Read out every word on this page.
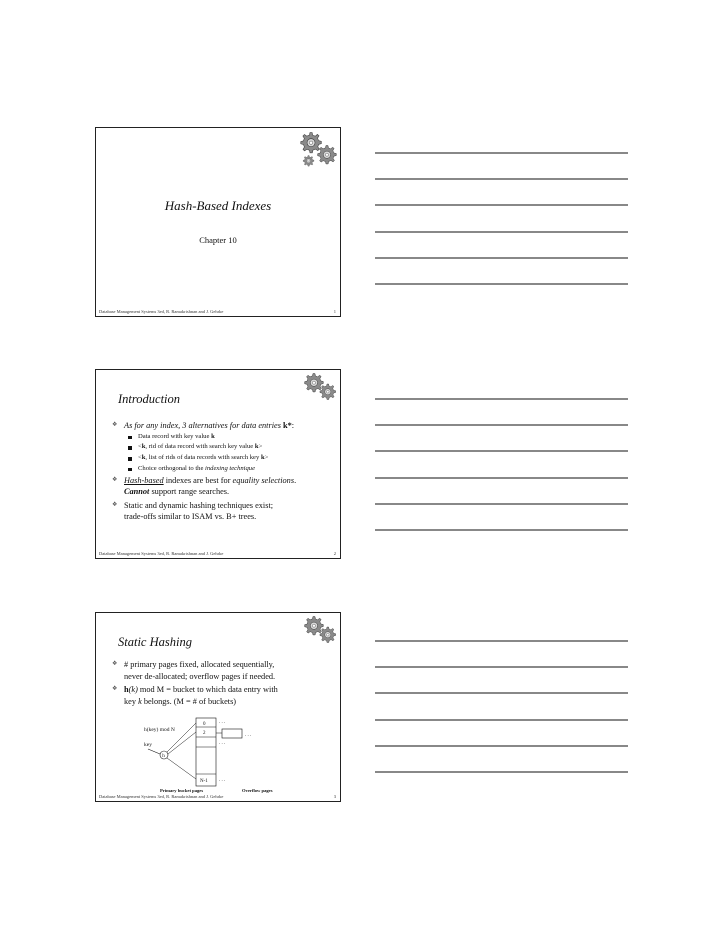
Hash-Based Indexes
Chapter 10
Database Management Systems 3ed, R. Ramakrishnan and J. Gehrke	1
Introduction
❖ As for any index, 3 alternatives for data entries k*:
Data record with key value k
<k, rid of data record with search key value k>
<k, list of rids of data records with search key k>
Choice orthogonal to the indexing technique
❖ Hash-based indexes are best for equality selections.
Cannot support range searches.
❖ Static and dynamic hashing techniques exist;
trade-offs similar to ISAM vs. B+ trees.
Database Management Systems 3ed, R. Ramakrishnan and J. Gehrke	2
Static Hashing
❖ # primary pages fixed, allocated sequentially,
never de-allocated; overflow pages if needed.
❖ h(k) mod M = bucket to which data entry with
key k belongs. (M = # of buckets)
h(key) mod N
key
h
0
2
N-1
. . .
. . .
. . .
. . .
Primary bucket pages	Overflow pages
Database Management Systems 3ed, R. Ramakrishnan and J. Gehrke	3
